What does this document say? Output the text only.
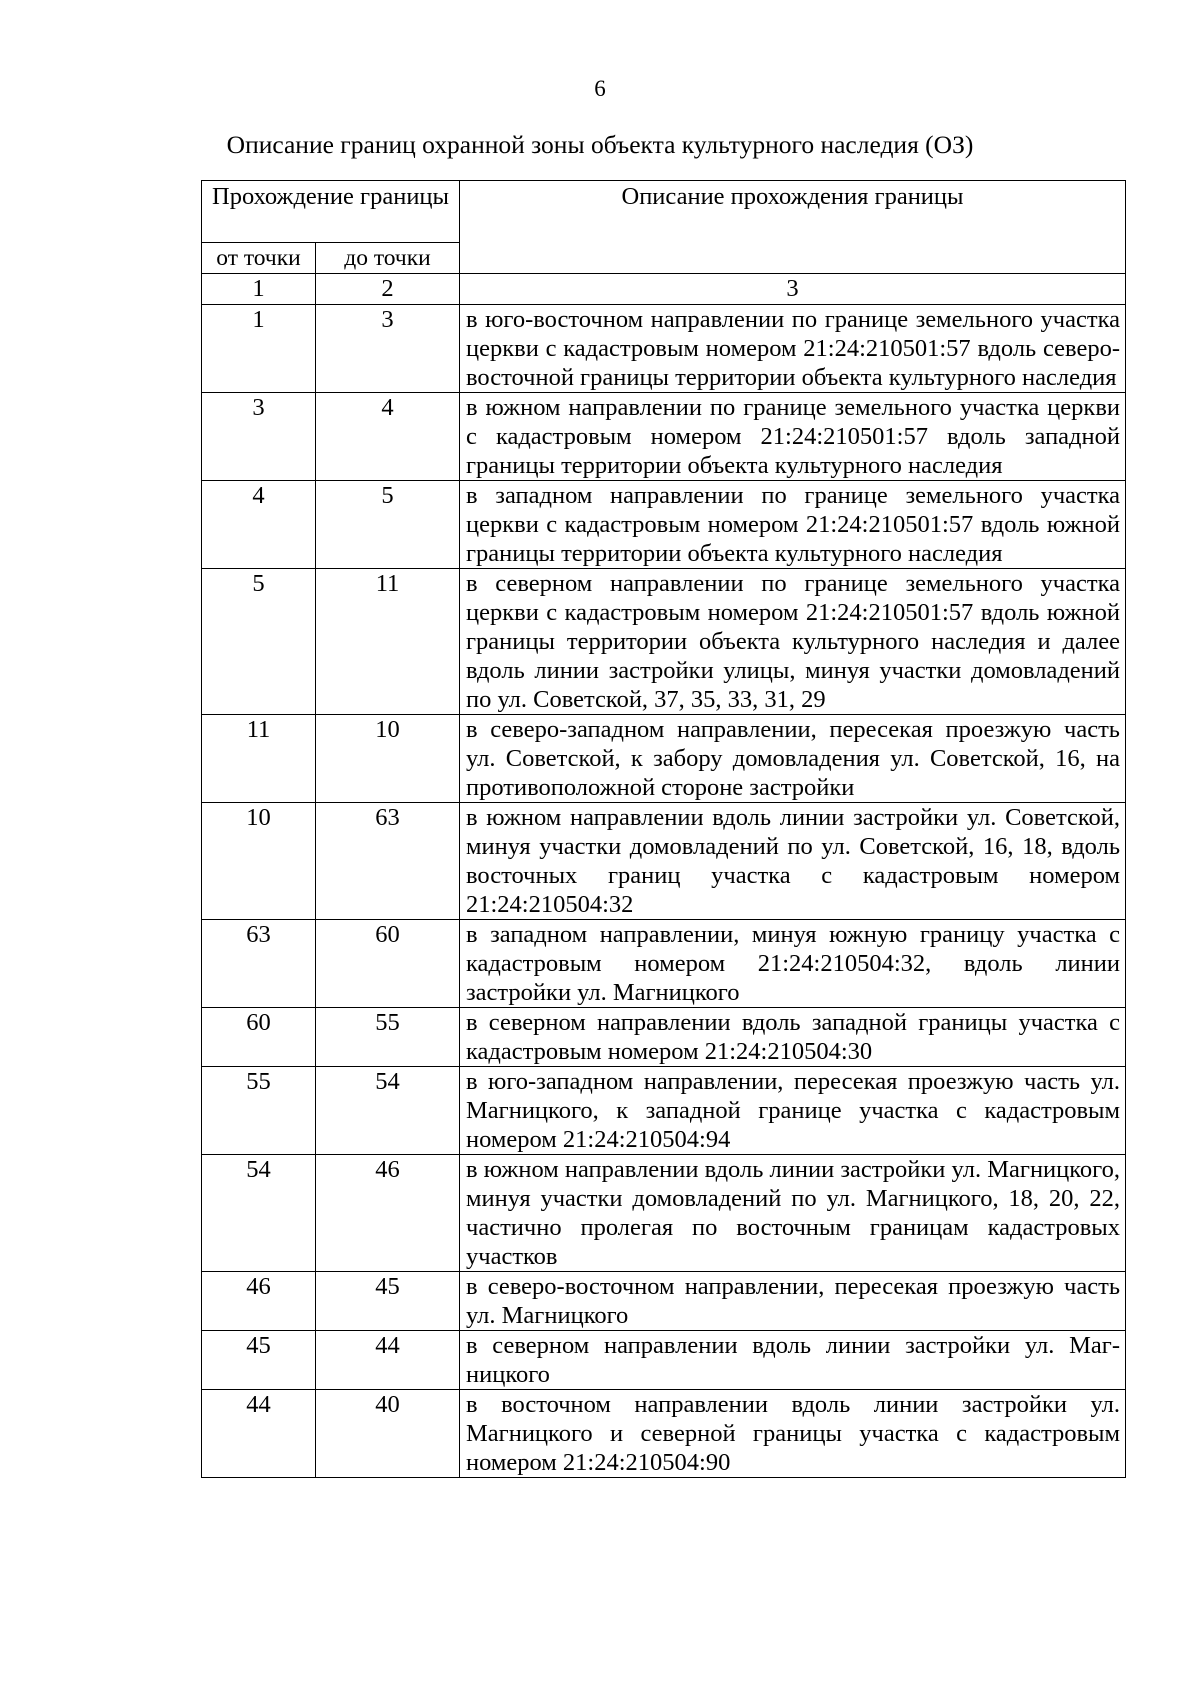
6
Описание границ охранной зоны объекта культурного наследия (ОЗ)
Прохождение границы		Описание прохождения границы
от точки	до точки	
1	2	3
1	3	в юго-восточном направлении по границе земельного участка церкви с кадастровым номером 21:24:210501:57 вдоль северо-восточной границы территории объекта культурного наследия
3	4	в южном направлении по границе земельного участка церкви с кадастровым номером 21:24:210501:57 вдоль западной границы территории объекта культурного наследия
4	5	в западном направлении по границе земельного участка церкви с кадастровым номером 21:24:210501:57 вдоль южной границы территории объекта культурного наследия
5	11	в северном направлении по границе земельного участка церкви с кадастровым номером 21:24:210501:57 вдоль южной границы территории объекта культурного наследия и далее вдоль линии застройки улицы, минуя участки домовладений по ул. Советской, 37, 35, 33, 31, 29
11	10	в северо-западном направлении, пересекая проезжую часть ул. Советской, к забору домовладения ул. Советской, 16, на противоположной стороне застройки
10	63	в южном направлении вдоль линии застройки ул. Советской, минуя участки домовладений по ул. Советской, 16, 18, вдоль восточных границ участка с кадастровым номером 21:24:210504:32
63	60	в западном направлении, минуя южную границу участка с кадастровым номером 21:24:210504:32, вдоль линии застройки ул. Магницкого
60	55	в северном направлении вдоль западной границы участка с кадастровым номером 21:24:210504:30
55	54	в юго-западном направлении, пересекая проезжую часть ул. Магницкого, к западной границе участка с кадастровым номером 21:24:210504:94
54	46	в южном направлении вдоль линии застройки ул. Магницкого, минуя участки домовладений по ул. Магницкого, 18, 20, 22, частично пролегая по восточным границам кадастровых участков
46	45	в северо-восточном направлении, пересекая проезжую часть ул. Магницкого
45	44	в северном направлении вдоль линии застройки ул. Магницкого
44	40	в восточном направлении вдоль линии застройки ул. Магницкого и северной границы участка с кадастровым номером 21:24:210504:90
